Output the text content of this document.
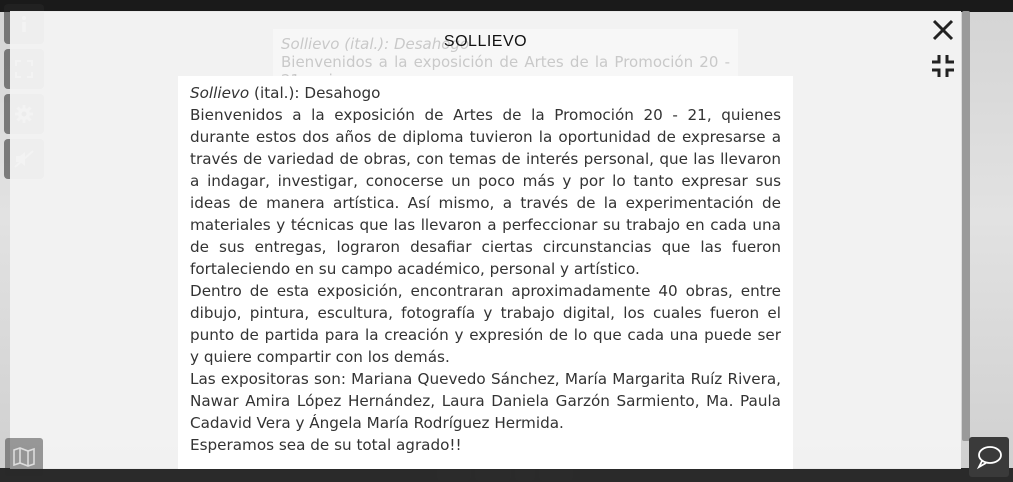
Sollievo (ital.): Desahogo
Bienvenidos a la exposición de Artes de la Promoción 20 -
SOLLIEVO

Sollievo (ital.): Desahogo

Bienvenidos a la exposición de Artes de la Promoción 20 - 21, quienes durante estos dos años de diploma tuvieron la oportunidad de expresarse a través de variedad de obras, con temas de interés personal, que las llevaron a indagar, investigar, conocerse un poco más y por lo tanto expresar sus ideas de manera artística. Así mismo, a través de la experimentación de materiales y técnicas que las llevaron a perfeccionar su trabajo en cada una de sus entregas, lograron desafiar ciertas circunstancias que las fueron fortaleciendo en su campo académico, personal y artístico.

Dentro de esta exposición, encontraran aproximadamente 40 obras, entre dibujo, pintura, escultura, fotografía y trabajo digital, los cuales fueron el punto de partida para la creación y expresión de lo que cada una puede ser y quiere compartir con los demás.

Las expositoras son: Mariana Quevedo Sánchez, María Margarita Ruíz Rivera, Nawar Amira López Hernández, Laura Daniela Garzón Sarmiento, Ma. Paula Cadavid Vera y Ángela María Rodríguez Hermida.

Esperamos sea de su total agrado!!
